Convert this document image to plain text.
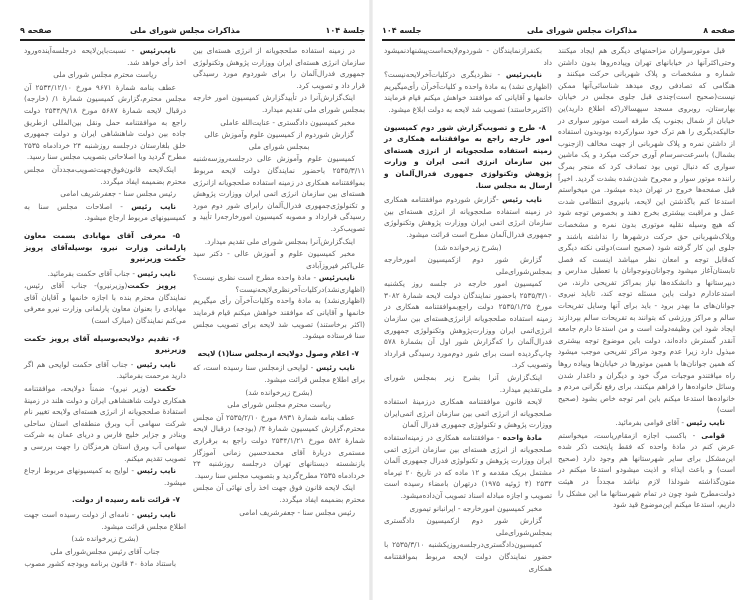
صفحه ۹	مذاکرات مجلس شورای ملی	جلسهٔ ۱۰۴

در زمینه استفاده صلحجویانه از انرژی هسته‌ای بین سازمان انرژی هسته‌ای ایران ووزارت پژوهش وتکنولوژی جمهوری فدرال‌آلمان را برای شوردوم مورد رسیدگی قرار داد و تصویب کرد.

اینک‌گزارش‌آنرا در تأییدگزارش کمیسیون امور خارجه بمجلس شورای ملی تقدیم میدارد.

مخبر کمیسیون دادگستری - عنایت‌الله عاملی

گزارش شوردوم از کمیسیون علوم وآموزش عالی بمجلس شورای ملی

کمیسیون علوم وآموزش عالی درجلسه‌روزسه‌شنبه ۲۵۳۵/۳/۱۱ باحضور نمایندگان دولت لایحه مربوط بموافقتنامه همکاری در زمینه استفاده صلحجویانه ازانرژی هسته‌ای بین سازمان انرژی اتمی ایران ووزارت پژوهش و تکنولوژی‌جمهوری فدرال‌آلمان رابرای شور دوم مورد رسیدگی قرارداد و مصوبه کمیسیون امورخارجه‌را تأیید و تصویب‌کرد.

اینک‌گزارش‌آنرا بمجلس شورای ملی تقدیم میدارد.

مخبر کمیسیون علوم و آموزش عالی - دکتر سید علی‌اکبر فیروزآبادی

نایب‌رئیس - مادهٔ واحده مطرح است نظری نیست؟ (اظهاری‌نشد)درکلیات‌آخرنظری‌لایحه‌نیست؟ (اظهاری‌نشد) به مادهٔ واحده وکلیات‌آخرآن رأی میگیریم خانمها و آقایانی که موافقند خواهش میکنم قیام فرمایند (اکثر برخاستند) تصویب شد لایحه برای تصویب مجلس سنا فرستاده میشود.

۷- اعلام وصول دولایحه ازمجلس سنا(۱) لایحه

نایب رئیس - لوایحی ازمجلس سنا رسیده است، که برای اطلاع مجلس قرائت میشود.

(بشرح زیرخوانده شد)

ریاست محترم مجلس شورای ملی

عطف بنامه شمارهٔ ۸۹۳۱ مورخ ۲۵۳۵/۲/۱۰ آن مجلس محترم،گزارش کمیسیون شمارهٔ ۴/ (بودجه) درقبال لایحه شمارهٔ ۵۸۲ مورخ ۲۵۳۴/۱/۲۱ دولت راجع به برقراری مستمری دربارهٔ آقای محمدحسین زمانی آموزگار بازنشسته دبستانهای تهران درجلسه روزشنبه ۲۴ خردادماه ۲۵۳۵ مطرح‌گردید و بتصویب مجلس سنا رسید.

اینک لایحه قانون فوق جهت اخذ رأی نهائی آن مجلس محترم بضمیمه ایفاد میگردد.

رئیس مجلس سنا - جعفرشریف امامی

نایب‌رئیس - نسبت‌باین‌لایحه درجلسه‌آینده‌ورود اخذ رأی خواهد شد.

ریاست محترم مجلس شورای ملی

عطف بنامه شمارهٔ ۹۶۷۱ مورخ ۲۵۳۴/۱۲/۱۰ آن مجلس محترم،گزارش کمیسیون شمارهٔ ۱/ (خارجه) درقبال لایحه شمارهٔ ۵۶۸۷ مورخ ۲۵۳۴/۹/۱۸ دولت راجع به موافقتنامه حمل ونقل بین‌المللی ازطریق جاده بین دولت شاهنشاهی ایران و دولت جمهوری خلق بلغارستان درجلسه روزشنبه ۲۴ خردادماه ۲۵۳۵ مطرح گردید وبا اصلاحاتی بتصویب مجلس سنا رسید.

اینک‌لایحه قانون‌فوق‌جهت‌تصویب‌مجددآن مجلس محترم بضمیمه ایفاد میگردد.

رئیس مجلس سنا - جعفرشریف امامی

نایب رئیس - اصلاحات مجلس سنا به کمیسیونهای مربوط ارجاع میشود.

۵- معرفی آقای مهابادی بسمت معاون پارلمانی وزارت نیرو، بوسیله‌آقای پرویز حکمت وزیرنیرو

نایب رئیس - جناب آقای حکمت بفرمائید.

پرویز حکمت(وزیرنیرو)- جناب آقای رئیس، نمایندگان محترم بنده با اجازه خانمها و آقایان آقای مهابادی را بعنوان معاون پارلمانی وزارت نیرو معرفی می‌کنم نمایندگان (مبارک است)

۶- تقدیم دولایحه‌بوسیله آقای پرویز حکمت وزیرنیرو

نایب رئیس - جناب آقای حکمت لوایحی هم اگر دارید مرحمت بفرمائید.

حکمت (وزیر نیرو)- ضمناً دولایحه، موافقتنامه همکاری دولت شاهنشاهی ایران و دولت هلند در زمینهٔ استفادهٔ صلحجویانه از انرژی هسته‌ای ولایحه تغییر نام شرکت سهامی آب وبرق منطقه‌ای استان ساحلی وبنادر و جزایر خلیج فارس و دریای عمان به شرکت سهامی آب وبرق استان هرمزگان را جهت بررسی و تصویب تقدیم میکنم.

نایب رئیس - لوایح به کمیسیونهای مربوط ارجاع میشود.

۷- قرائت نامه رسیده از دولت.

نایب رئیس - نامه‌ای از دولت رسیده است جهت اطلاع مجلس قرائت میشود.

(بشرح زیرخوانده شد)

جناب آقای رئیس مجلس‌شورای ملی

باستناد مادهٔ ۴۰ قانون برنامه وبودجه کشور مصوب

جلسه ۱۰۴	مذاکرات مجلس شورای ملی	صفحه ۸

قبل موتورسواران مزاحمتهای دیگری هم ایجاد میکنند وحتی‌اکثرآنها در خیابانهای تهران وپیاده‌روها بدون داشتن شماره و مشخصات و پلاک شهربانی حرکت میکنند و هنگامی که تصادفی روی میدهد شناسائی‌آنها ممکن نیست(صحیح است)چندی قبل جلوی مجلس در خیابان بهارستان، روبروی مسجد سپهسالار(که اطلاع دارید)ین خیابان از شمال بجنوب یک طرفه است موتور سواری در حالیکه‌دیگری را هم ترک خود سوارکرده بود‌وبدون استفاده از داشتن نمره و پلاک شهربانی از جهت مخالف (ازجنوب بشمال) باسرعت‌سرسام آوری حرکت میکرد و یک ماشین سواری که دنبال توبی بود تصادف کرد که منجر بمرگ راننده موتور سوار و مجروح شدن‌شده بشدت گردید. اخیراً قبل صفحه‌ها خروج در تهران دیده میشود. من میخواستم استدعا کنم باگذشتن این لایحه، بانیروی انتظامی شدت عمل و مراقبت بیشتری بخرج دهند و بخصوص توجه شود که هیچ وسیله نقلیه موتوری بدون نمره و مشخصات وپلاک‌شهربانی حق حرکت درشهرها را نداشته باشند و جلوی این کار گرفته شود (صحیح است)دولتی نکته دیگری که‌قابل توجه و امعان نظر میباشد اینست که فصل تابستان‌آغاز میشود وجوانان‌ونوجوانان با تعطیل مدارس و دبیرستانها و دانشکده‌ها نیاز بمراکز تفریحی دارند، من استدعادارم دولت باین مسئله توجه کند، تاباید نیروی جوانان‌های ما بهدر برود - باید برای آنها وسایل تفریحات سالم و مراکز ورزشی که بتوانند به تفریحات سالم بپردازند ایجاد شود این وظیفه‌دولت است و من استدعا دارم جامعه آنقدر گسترش داده‌اند، دولت باین موضوع توجه بیشتری مبذول دارد زیرا عدم وجود مراکز تفریحی موجب میشود که همین جوانان‌ها با همین موتورها در خیابان‌ها وپیاده روها راه میافتندو موجبات مرگ خود و دیگران و داغدار شدن وسائل خانواده‌ها را فراهم میکنند، برای رفع نگرانی مردم و خانواده‌ها استدعا میکنم باین امر توجه خاص بشود (صحیح است)

نایب رئیس - آقای قوامی بفرمائید.

قوامی - باکسب اجازه ازمقام‌ریاست، میخواستم عرض کنم در مادهٔ واحده که فقط پایتخت ذکر شده این‌مشکل برای سایر شهرستانها هم وجود دارد (صحیح است) و باعث ایذاء و اذیت میشودو استدعا میکنم در متون‌گذاشته شودلذا لازم نباشد مجدداً در هیئت دولت‌مطرح شود چون در تمام شهرستانها ما این مشکل را داریم، استدعا میکنم این‌موضوع قید شود

بکنفرازنمایندگان - شوردوم‌لایحه‌است‌پیشنهادنمیشود داد

نایب‌رئیس - نظردیگری درکلیات‌آخرلایحه‌نیست؟ (اظهاری نشد) به مادهٔ واحده و کلیات‌آخرآن رأی‌میگیریم خانمها و آقایانی که موافقند خواهش میکنم قیام فرمایند (اکثربرخاستند) تصویب شد لایحه به دولت ابلاغ میشود.

۸- طرح و تصویب‌گزارش شور دوم کمیسیون امور خارجه راجع به موافقتنامه همکاری در زمینه استفاده صلحجویانه از انرژی هسته‌ای بین سازمان انرژی اتمی ایران و وزارت پژوهش وتکنولوژی جمهوری فدرال‌آلمان و ارسال به مجلس سنا.

نایب رئیس -گزارش شوردوم موافقتنامه همکاری در زمینه استفاده صلحجویانه از انرژی هسته‌ای بین سازمان انرژی اتمی ایران ووزارت پژوهش وتکنولوژی جمهوری فدرال‌آلمان مطرح است قرائت میشود.

(بشرح زیرخوانده شد)

گزارش شور دوم ازکمیسیون امورخارجه بمجلس‌شورای‌ملی

کمیسیون امور خارجه در جلسه روز یکشنبه ۲۵۳۵/۳/۱۰ باحضور نمایندگان دولت لایحه شمارهٔ ۳۰۸۲ مورخ ۲۵۳۵/۱/۲۵ دولت راجع‌بموافقتنامه همکاری در زمینه استفاده صلحجویانه ازانرژی‌هسته‌ای بین سازمان انرژی‌اتمی ایران ووزارت‌پژوهش وتکنولوژی جمهوری فدرال‌آلمان را که‌گزارش شور اول آن بشمارهٔ ۵۷۸ چاپ‌گردیده است برای شور دوم‌مورد رسیدگی قرارداد وتصویب کرد.

اینک‌گزارش آنرا بشرح زیر بمجلس شورای ملی‌تقدیم میدارد.

لایحه قانون موافقتنامه همکاری درزمینهٔ استفاده صلحجویانه از انرژی اتمی بین سازمان انرژی اتمی‌ایران ووزارت پژوهش و تکنولوژی جمهوری فدرال آلمان

مادهٔ واحده - موافقتنامه همکاری در زمینه‌استفاده صلحجویانه از انرژی هسته‌ای بین سازمان انرژی اتمی ایران ووزارت پژوهش و تکنولوژی فدرال جمهوری آلمان مشتمل بریک مقدمه و ۱۲ ماده که در تاریخ ۲۰ تیرماه ۲۵۳۴ (۴ ژوئیه ۱۹۷۵) درتهران بامضاء رسیده است تصویب و اجازه مبادله اسناد تصویب آن‌داده‌میشود.

مخبر کمیسیون امورخارجه - ایرانبانو تیموری

گزارش شور دوم ازکمیسیون دادگستری بمجلس‌شورای‌ملی

کمیسیون‌دادگستری‌درجلسه‌روزیکشنبه ۲۵۳۵/۳/۱۰ با حضور نمایندگان دولت لایحه مربوط بموافقتنامه همکاری
